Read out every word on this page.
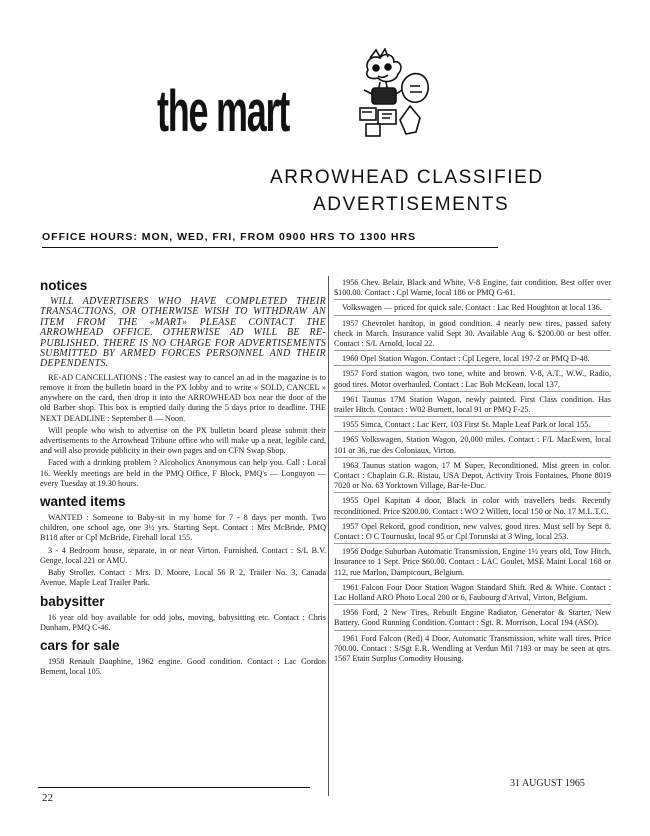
the mart
ARROWHEAD CLASSIFIED
ADVERTISEMENTS
OFFICE HOURS: MON, WED, FRI, FROM 0900 HRS TO 1300 HRS
notices
WILL ADVERTISERS WHO HAVE COMPLETED THEIR TRANSACTIONS, OR OTHERWISE WISH TO WITHDRAW AN ITEM FROM THE «MART» PLEASE CONTACT THE ARROWHEAD OFFICE. OTHERWISE AD WILL BE RE-PUBLISHED. THERE IS NO CHARGE FOR ADVERTISEMENTS SUBMITTED BY ARMED FORCES PERSONNEL AND THEIR DEPENDENTS.
RE-AD CANCELLATIONS : The easiest way to cancel an ad in the magazine is to remove it from the bulletin board in the PX lobby and to write « SOLD, CANCEL » anywhere on the card, then drop it into the ARROWHEAD box near the door of the old Barber shop. This box is emptied daily during the 5 days prior to deadline. THE NEXT DEADLINE : September 8 — Noon.
Will people who wish to advertise on the PX bulletin board please submit their advertisements to the Arrowhead Tribune office who will make up a neat, legible card, and will also provide publicity in their own pages and on CFN Swap Shop.
Faced with a drinking problem ? Alcoholics Anonymous can help you. Call : Local 16. Weekly meetings are held in the PMQ Office, F Block, PMQ's — Longuyon — every Tuesday at 19.30 hours.
wanted items
WANTED : Someone to Baby-sit in my home for 7 - 8 days per month. Two children, one school age, one 3½ yrs. Starting Sept. Contact : Mrs McBride, PMQ B118 after or Cpl McBride, Firehall local 155.
3 - 4 Bedroom house, separate, in or near Virton. Furnished. Contact : S/L B.V. Genge, local 221 or AMU.
Baby Stroller. Contact : Mrs. D. Moore, Local 56 R 2, Trailer No. 3, Canada Avenue, Maple Leaf Trailer Park.
babysitter
16 year old boy available for odd jobs, moving, babysitting etc. Contact : Chris Dunham, PMQ C-46.
cars for sale
1958 Renault Dauphine, 1962 engine. Good condition. Contact : Lac Gordon Bement, local 105.
1956 Chev. Belair, Black and White, V-8 Engine, fair condition. Best offer over $100.00. Contact : Cpl Warne, local 186 or PMQ G-61.
Volkswagen — priced for quick sale. Contact : Lac Red Houghton at local 136.
1957 Chevrolet hardtop, in good condition. 4 nearly new tires, passed safety check in March. Insurance valid Sept 30. Available Aug 6. $200.00 or best offer. Contact : S/L Arnold, local 22.
1960 Opel Station Wagon. Contact : Cpl Legere, local 197-2 or PMQ D-48.
1957 Ford station wagon, two tone, white and brown. V-8, A.T., W.W., Radio, good tires. Motor overhauled. Contact : Lac Bob McKean, local 137.
1961 Taunus 17M Station Wagon, newly painted. First Class condition. Has trailer Hitch. Contact : W02 Burnett, local 91 or PMQ F-25.
1955 Simca, Contact : Lac Kerr, 103 First St. Maple Leaf Park or local 155.
1965 Volkswagen, Station Wagon, 20,000 miles. Contact : F/L MacEwen, local 101 or 36, rue des Coloniaux, Virton.
1963 Taunus station wagon, 17 M Super, Reconditioned. Mist green in color. Contact : Chaplain G.R. Ristau, USA Depot, Activity Trois Fontaines, Phone 8019 7020 or No. 63 Yorktown Village, Bar-le-Duc.
1955 Opel Kapitan 4 door, Black in color with travellers beds. Recently reconditioned. Price $200.00. Contact : WO 2 Willett, local 150 or No. 17 M.L.T.C.
1957 Opel Rekord, good condition, new valves, good tires. Must sell by Sept 8. Contact : O C Tournuski, local 95 or Cpl Torunski at 3 Wing, local 253.
1956 Dodge Suburban Automatic Transmission, Engine 1½ years old, Tow Hitch, Insurance to 1 Sept. Price $60.00. Contact : LAC Goulet, MSE Maint Local 168 or 112, rue Marlon, Dampicourt, Belgium.
1961 Falcon Four Door Station Wagon Standard Shift. Red & White. Contact : Lac Holland ARO Photo Local 200 or 6, Faubourg d'Arival, Virton, Belgium.
1956 Ford, 2 New Tires, Rebuilt Engine Radiator, Generator & Starter, New Battery. Good Running Condition. Contact : Sgt. R. Morrison, Local 194 (ASO).
1961 Ford Falcon (Red) 4 Door, Automatic Transmission, white wall tires. Price 700.00. Contact : S/Sgt E.R. Wendling at Verdun Mil 7193 or may be seen at qtrs. 1567 Etain Surplus Comodity Housing.
31 AUGUST 1965
22
